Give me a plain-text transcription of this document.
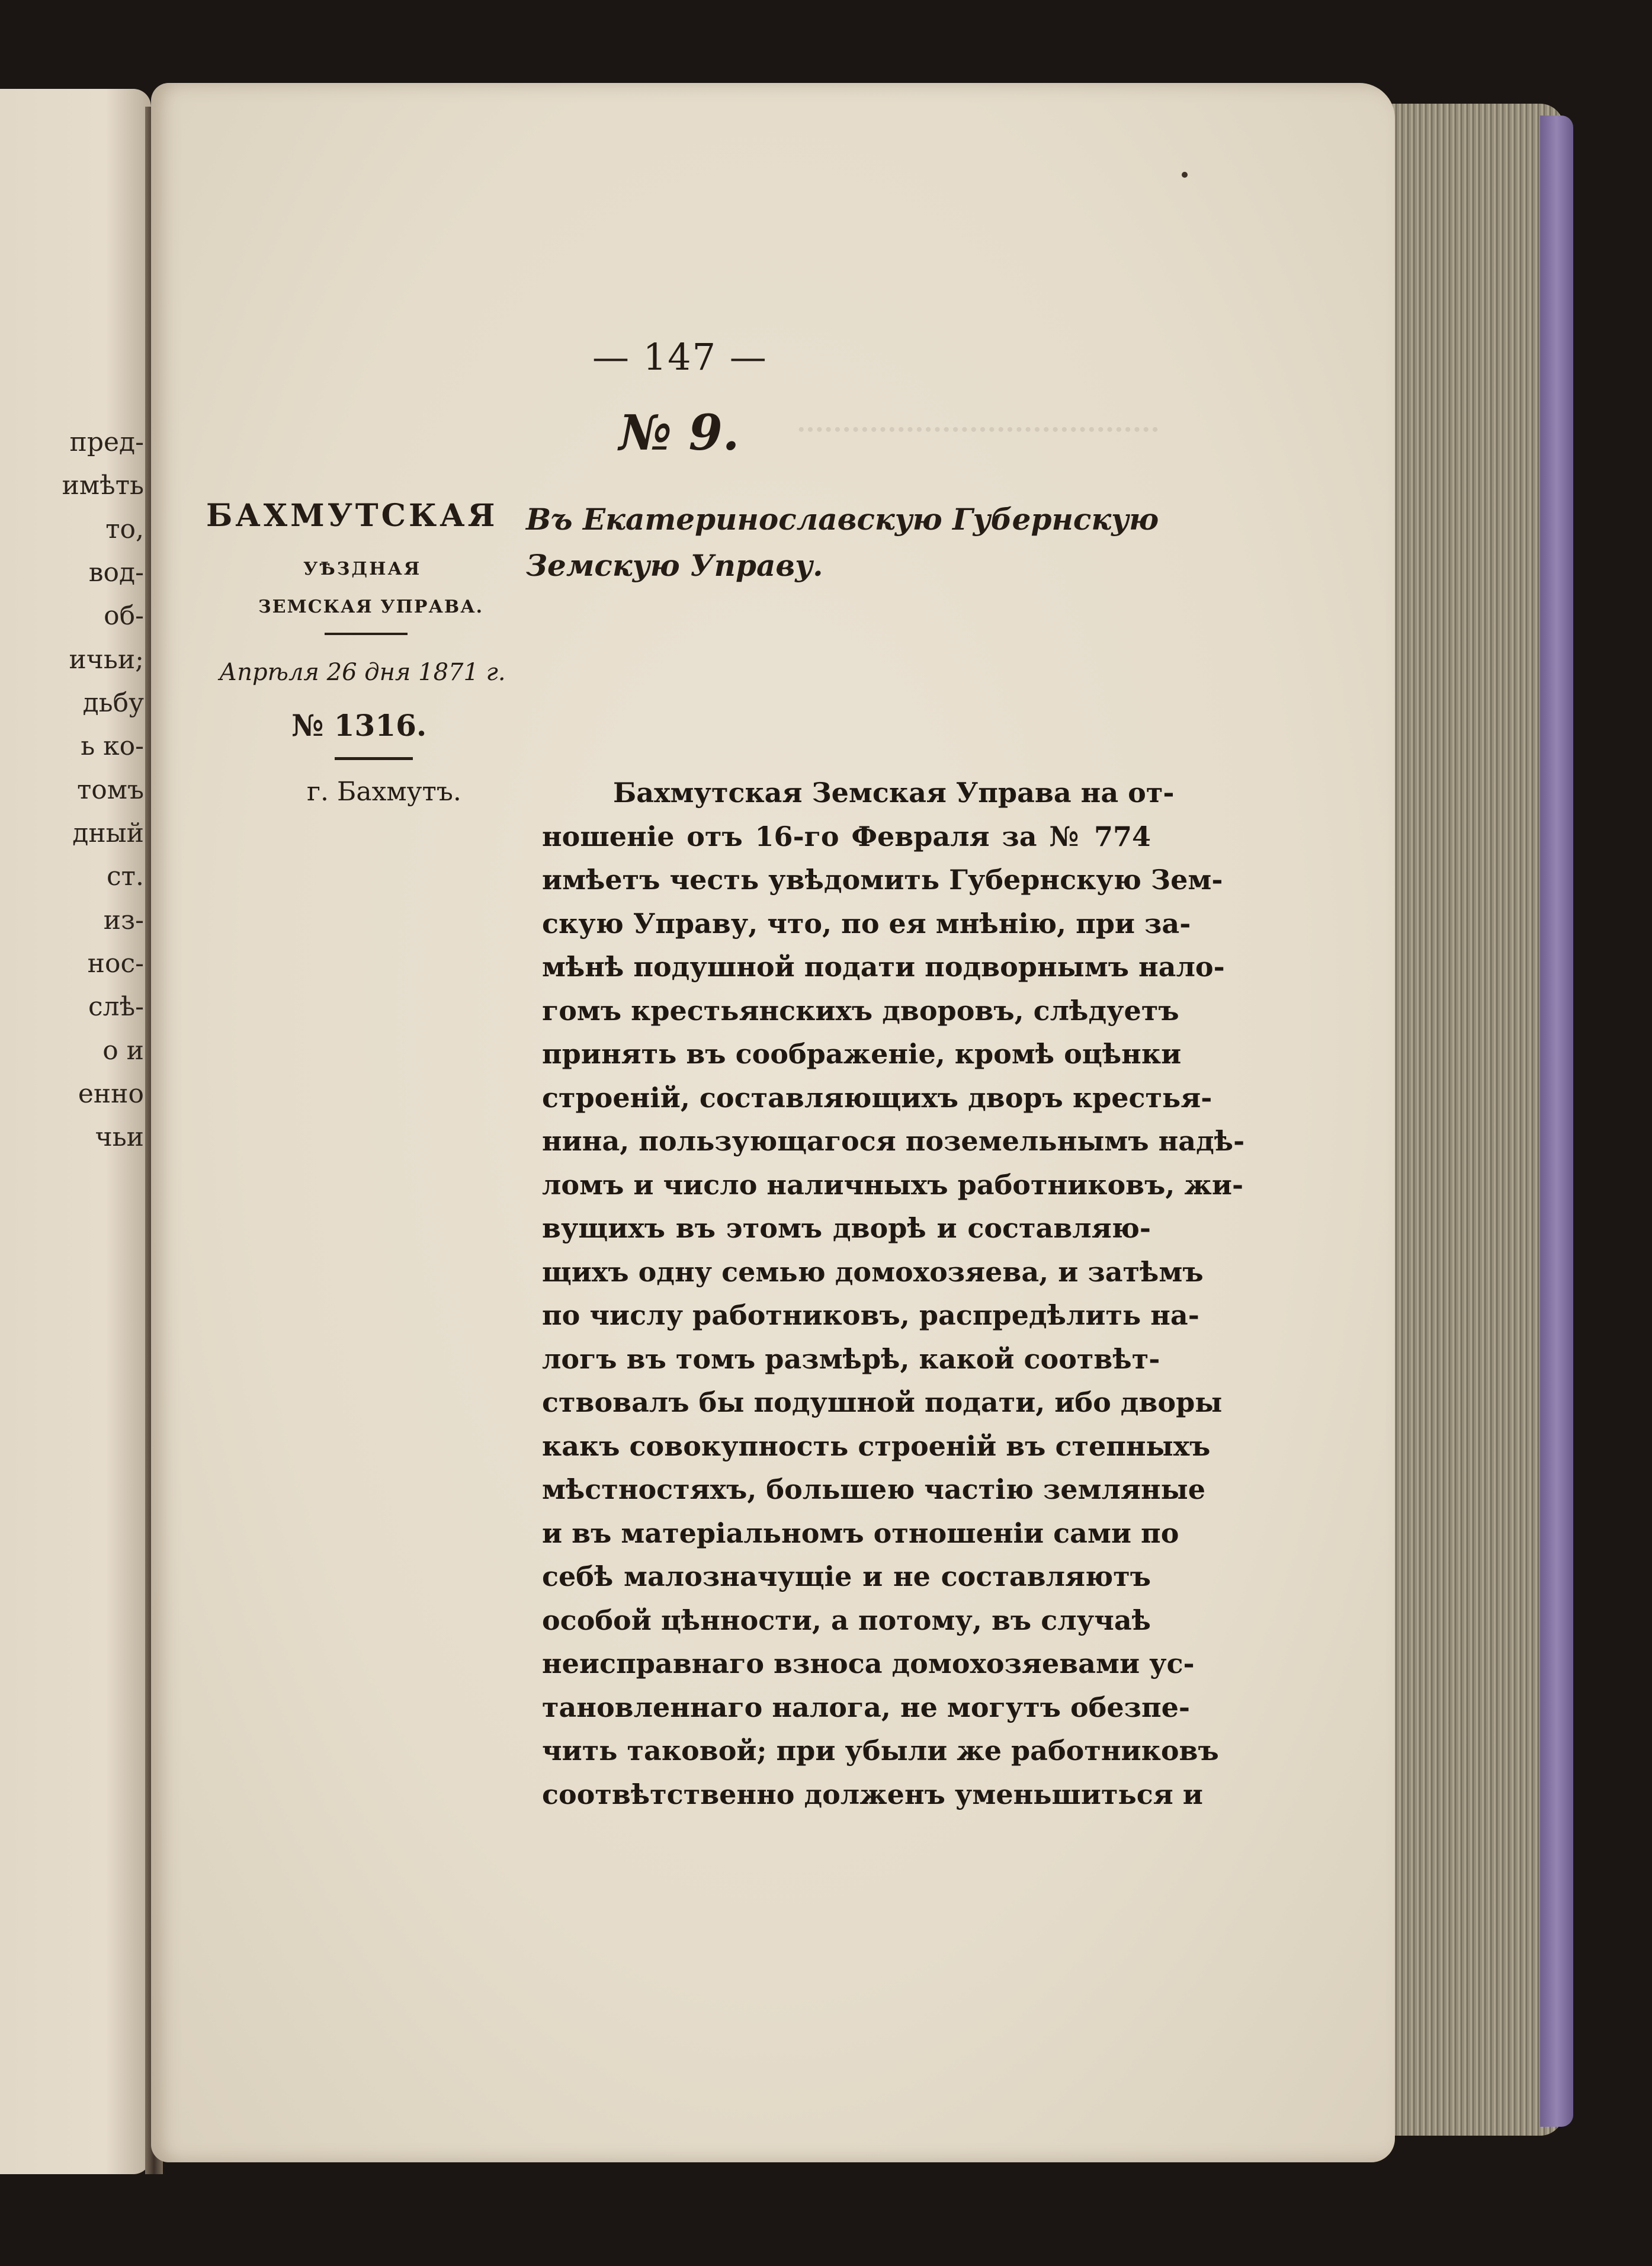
пред-
имѣть
то,
вод-
об-
ичьи;
дьбу
ь ко-
томъ
дный
ст.
из-
нос-
слѣ-
о и
енно
чьи
········································
— 147 —
№ 9.
БАХМУТСКАЯ
УѢЗДНАЯ
ЗЕМСКАЯ УПРАВА.
Апрѣля 26 дня 1871 г.
№ 1316.
г. Бахмутъ.
Въ Екатеринославскую Губернскую
Земскую Управу.
Бахмутская Земская Управа на от-
ношеніе отъ 16-го Февраля за № 774
имѣетъ честь увѣдомить Губернскую Зем-
скую Управу, что, по ея мнѣнію, при за-
мѣнѣ подушной подати подворнымъ нало-
гомъ крестьянскихъ дворовъ, слѣдуетъ
принять въ соображеніе, кромѣ оцѣнки
строеній, составляющихъ дворъ крестья-
нина, пользующагося поземельнымъ надѣ-
ломъ и число наличныхъ работниковъ, жи-
вущихъ въ этомъ дворѣ и составляю-
щихъ одну семью домохозяева, и затѣмъ
по числу работниковъ, распредѣлить на-
логъ въ томъ размѣрѣ, какой соотвѣт-
ствовалъ бы подушной подати, ибо дворы
какъ совокупность строеній въ степныхъ
мѣстностяхъ, большею частію земляные
и въ матеріальномъ отношеніи сами по
себѣ малозначущіе и не составляютъ
особой цѣнности, а потому, въ случаѣ
неисправнаго взноса домохозяевами ус-
тановленнаго налога, не могутъ обезпе-
чить таковой; при убыли же работниковъ
соотвѣтственно долженъ уменьшиться и
